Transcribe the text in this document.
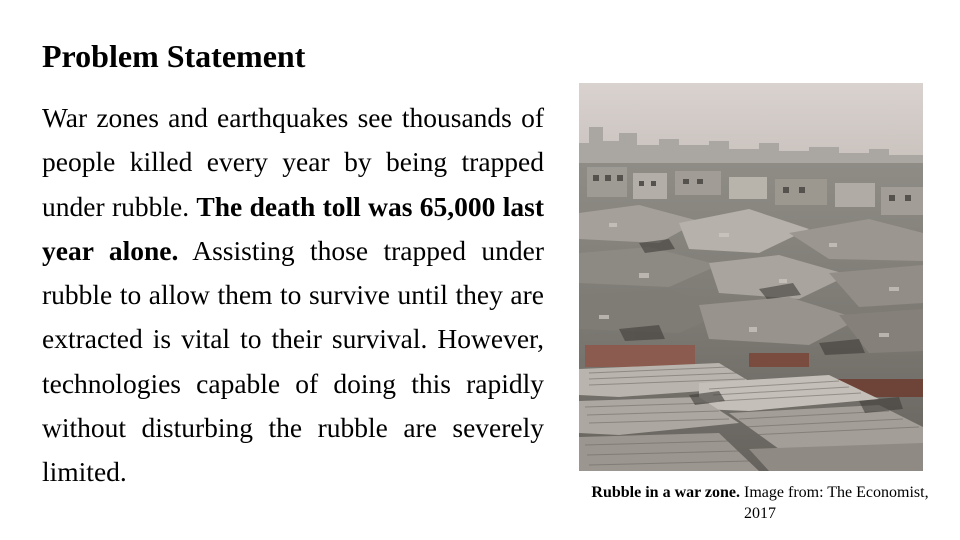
Problem Statement
War zones and earthquakes see thousands of people killed every year by being trapped under rubble. The death toll was 65,000 last year alone. Assisting those trapped under rubble to allow them to survive until they are extracted is vital to their survival. However, technologies capable of doing this rapidly without disturbing the rubble are severely limited.
Rubble in a war zone. Image from: The Economist, 2017
